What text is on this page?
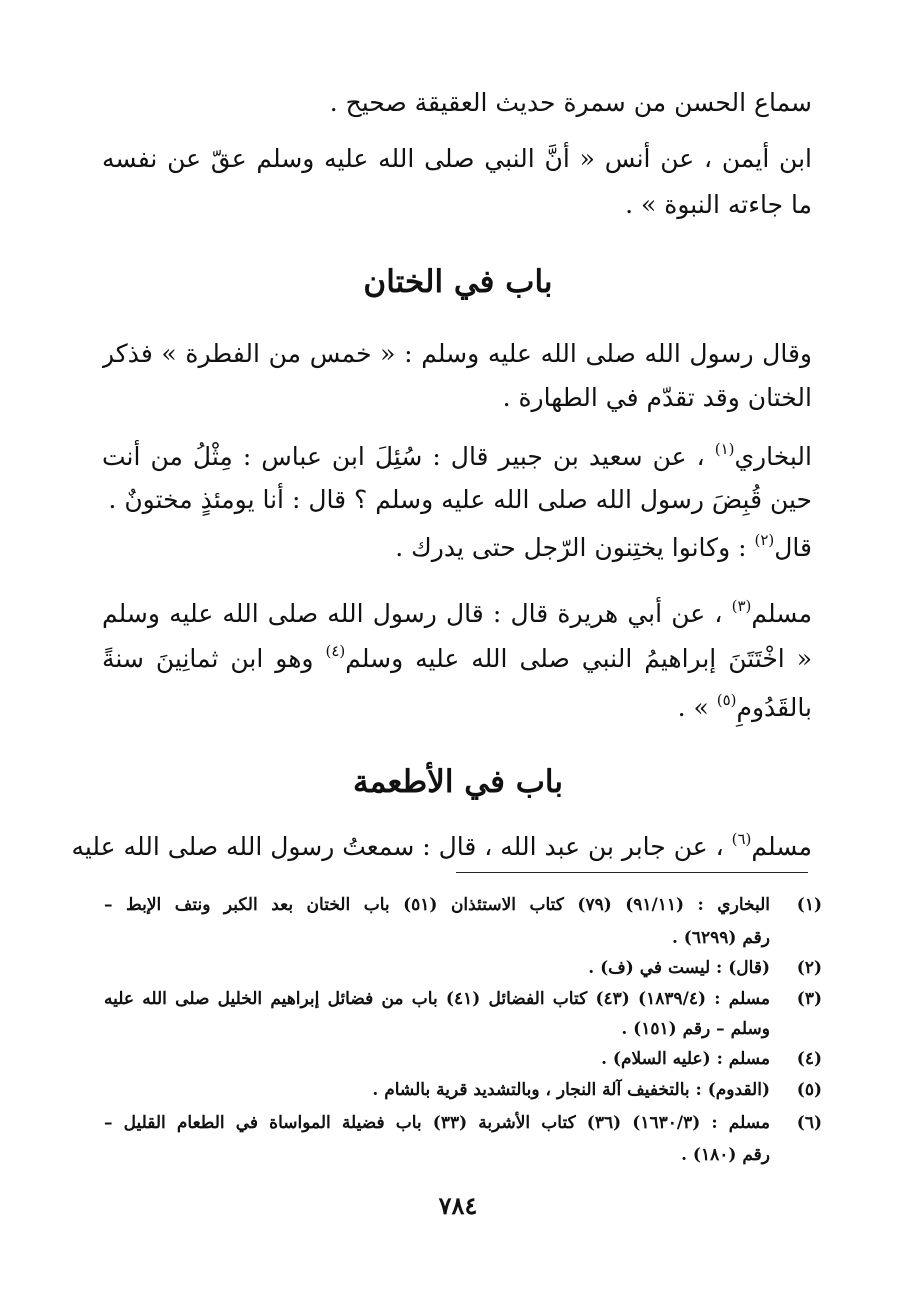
سماع الحسن من سمرة حديث العقيقة صحيح .
ابن أيمن ، عن أنس « أنَّ النبي صلى الله عليه وسلم عقّ عن نفسه
ما جاءته النبوة » .
باب في الختان
وقال رسول الله صلى الله عليه وسلم : « خمس من الفطرة » فذكر
الختان وقد تقدّم في الطهارة .
البخاري$^{(١)}$ ، عن سعيد بن جبير قال : سُئِلَ ابن عباس : مِثْلُ من أنت
حين قُبِضَ رسول الله صلى الله عليه وسلم ؟ قال : أنا يومئذٍ مختونٌ .
قال$^{(٢)}$ : وكانوا يختِنون الرّجل حتى يدرك .
مسلم$^{(٣)}$ ، عن أبي هريرة قال : قال رسول الله صلى الله عليه وسلم
« اخْتَتَنَ إبراهيمُ النبي صلى الله عليه وسلم$^{(٤)}$ وهو ابن ثمانِينَ سنةً
بالقَدُومِ$^{(٥)}$ » .
باب في الأطعمة
مسلم$^{(٦)}$ ، عن جابر بن عبد الله ، قال : سمعتُ رسول الله صلى الله عليه
(١)
البخاري : (٩١/١١) (٧٩) كتاب الاستئذان (٥١) باب الختان بعد الكبر ونتف الإبط –
رقم (٦٢٩٩) .
(٢)
(قال) : ليست في (ف) .
(٣)
مسلم : (١٨٣٩/٤) (٤٣) كتاب الفضائل (٤١) باب من فضائل إبراهيم الخليل صلى الله عليه
وسلم – رقم (١٥١) .
(٤)
مسلم : (عليه السلام) .
(٥)
(القدوم) : بالتخفيف آلة النجار ، وبالتشديد قرية بالشام .
(٦)
مسلم : (١٦٣٠/٣) (٣٦) كتاب الأشربة (٣٣) باب فضيلة المواساة في الطعام القليل –
رقم (١٨٠) .
٧٨٤
